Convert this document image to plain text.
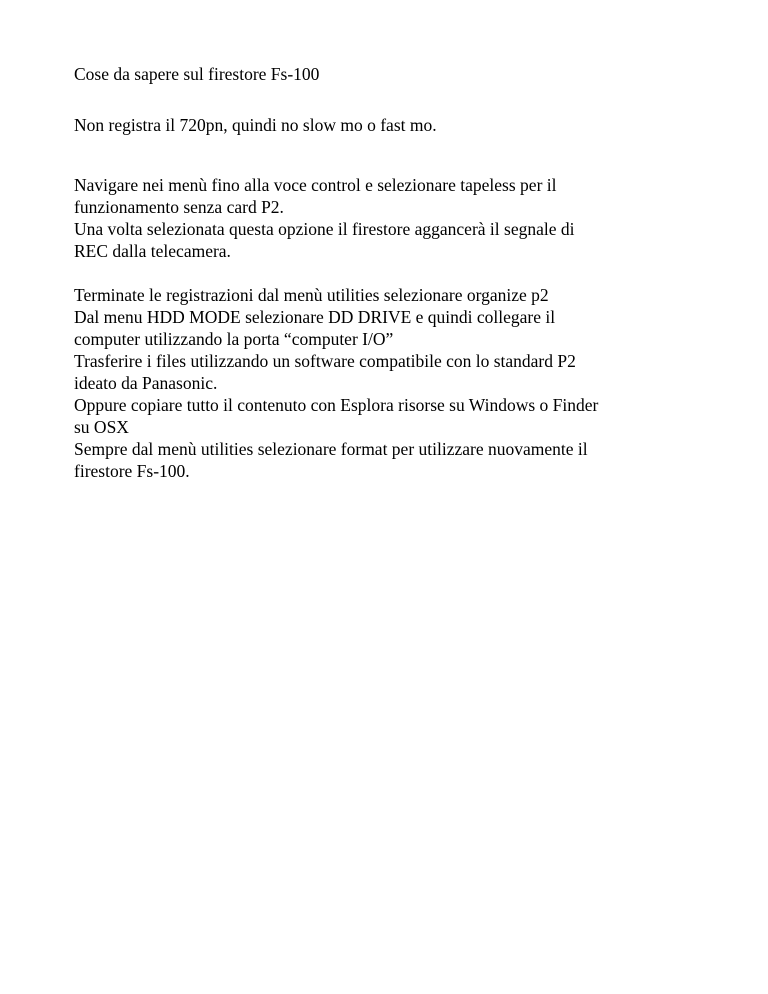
Cose da sapere sul firestore Fs-100
Non registra il 720pn, quindi no slow mo o fast mo.
Navigare nei menù fino alla voce control e selezionare tapeless per il
funzionamento senza card P2.
Una volta selezionata questa opzione il firestore aggancerà il segnale di
REC dalla telecamera.
Terminate le registrazioni dal menù utilities selezionare organize p2
Dal menu HDD MODE selezionare DD DRIVE e quindi collegare il
computer utilizzando la porta “computer I/O”
Trasferire i files utilizzando un software compatibile con lo standard P2
ideato da Panasonic.
Oppure copiare tutto il contenuto con Esplora risorse su Windows o Finder
su OSX
Sempre dal menù utilities selezionare format per utilizzare nuovamente il
firestore Fs-100.
